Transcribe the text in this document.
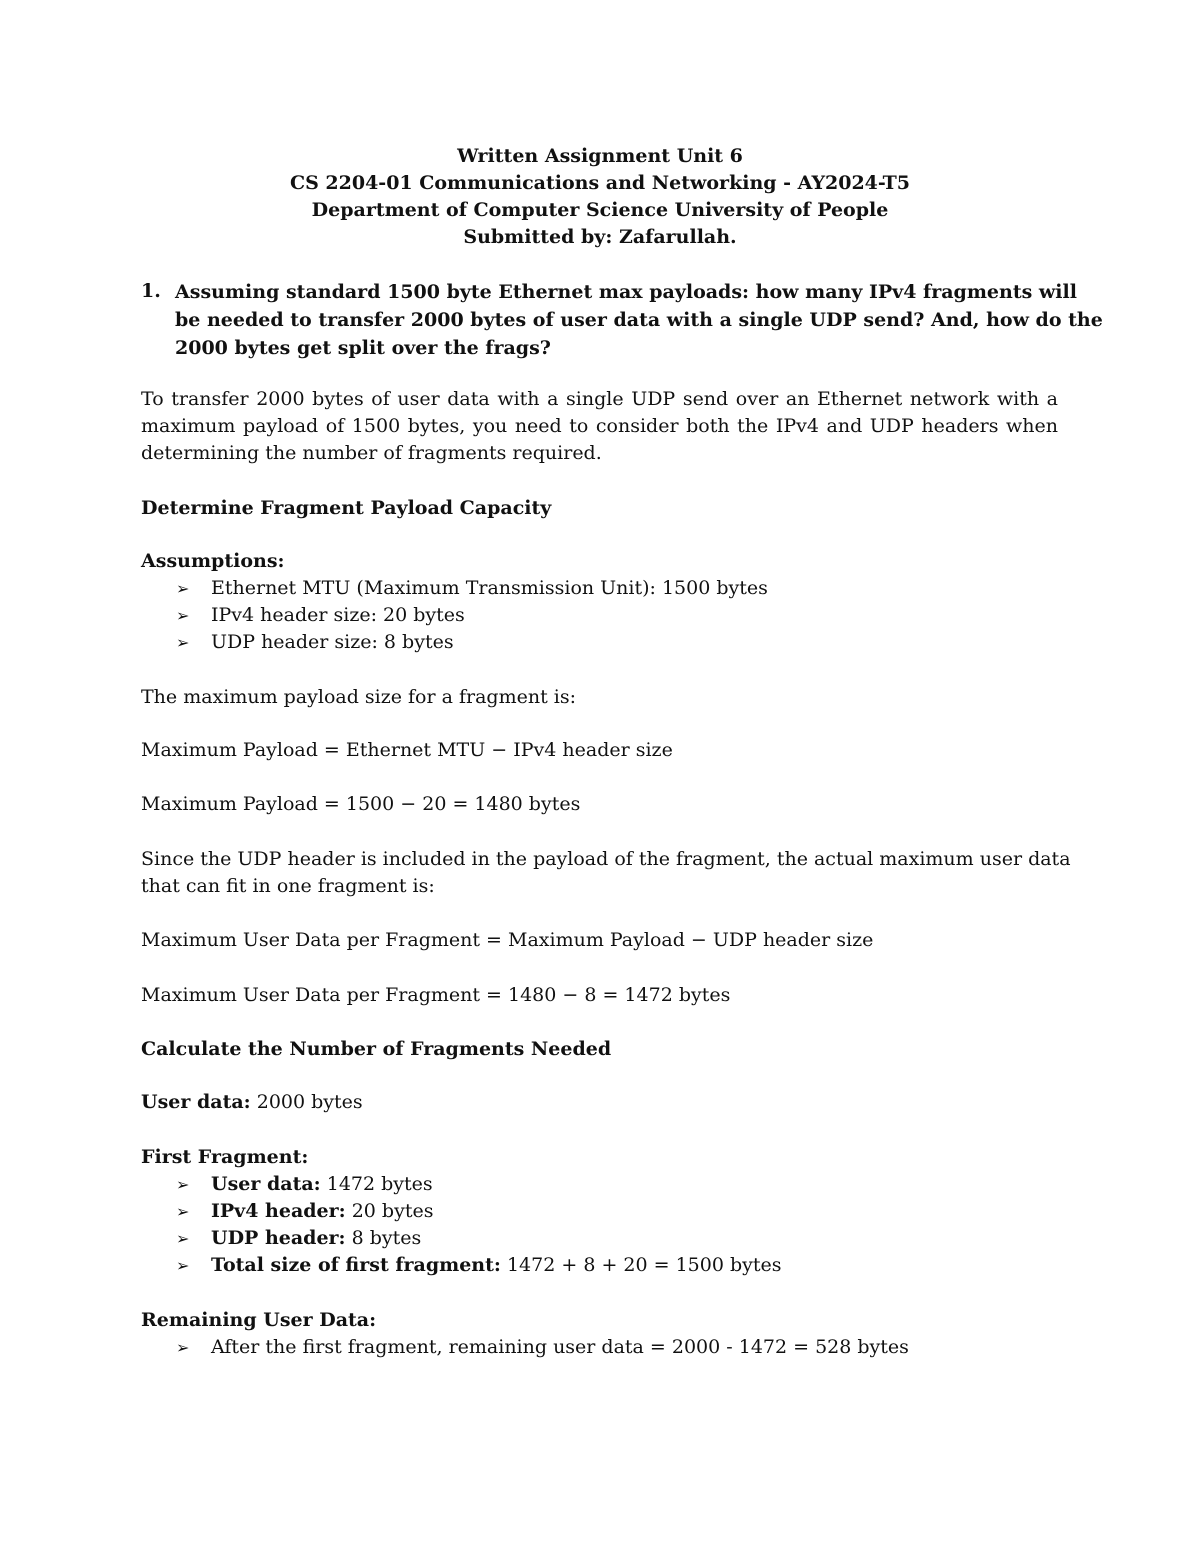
Written Assignment Unit 6
CS 2204-01 Communications and Networking - AY2024-T5
Department of Computer Science University of People
Submitted by: Zafarullah.
1. Assuming standard 1500 byte Ethernet max payloads: how many IPv4 fragments will
be needed to transfer 2000 bytes of user data with a single UDP send? And, how do the
2000 bytes get split over the frags?
To transfer 2000 bytes of user data with a single UDP send over an Ethernet network with a
maximum payload of 1500 bytes, you need to consider both the IPv4 and UDP headers when
determining the number of fragments required.
Determine Fragment Payload Capacity
Assumptions:
➢ Ethernet MTU (Maximum Transmission Unit): 1500 bytes
➢ IPv4 header size: 20 bytes
➢ UDP header size: 8 bytes
The maximum payload size for a fragment is:
Maximum Payload = Ethernet MTU − IPv4 header size
Maximum Payload = 1500 − 20 = 1480 bytes
Since the UDP header is included in the payload of the fragment, the actual maximum user data
that can fit in one fragment is:
Maximum User Data per Fragment = Maximum Payload − UDP header size
Maximum User Data per Fragment = 1480 − 8 = 1472 bytes
Calculate the Number of Fragments Needed
User data: 2000 bytes
First Fragment:
➢ User data: 1472 bytes
➢ IPv4 header: 20 bytes
➢ UDP header: 8 bytes
➢ Total size of first fragment: 1472 + 8 + 20 = 1500 bytes
Remaining User Data:
➢ After the first fragment, remaining user data = 2000 - 1472 = 528 bytes
